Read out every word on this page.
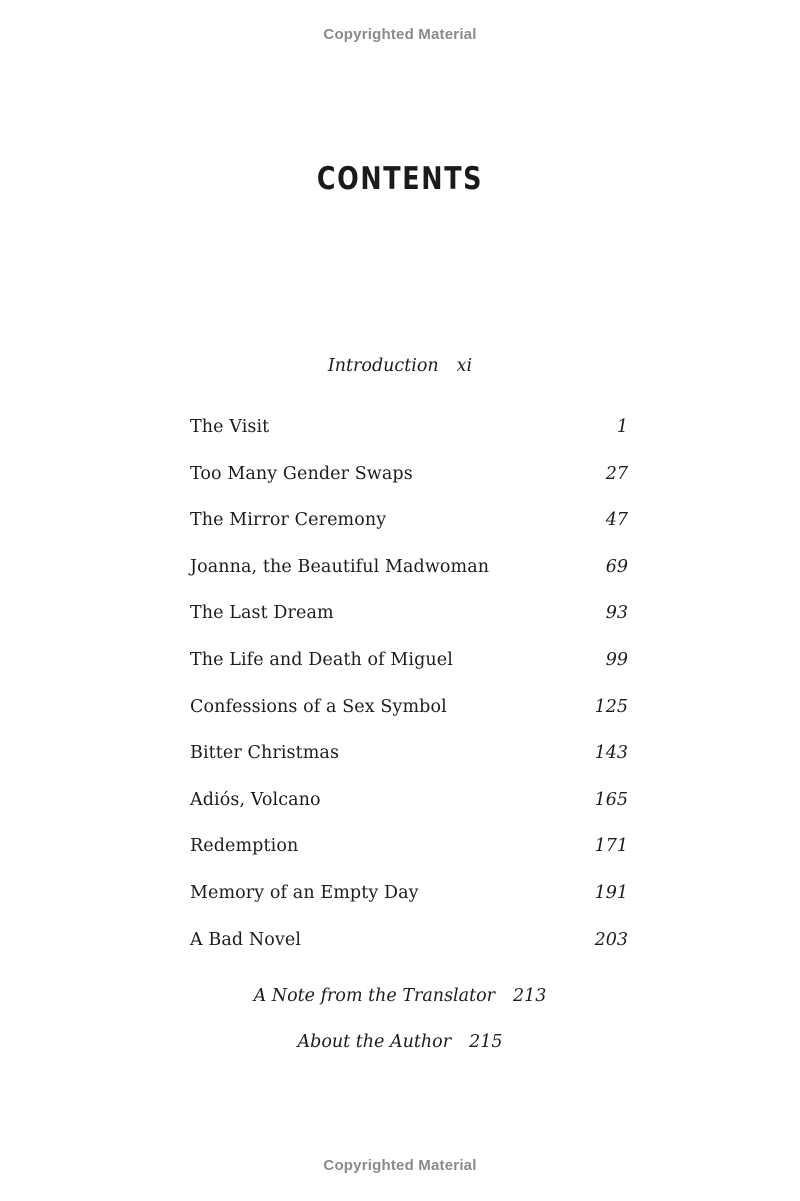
Copyrighted Material
CONTENTS
Introduction xi
The Visit	1
Too Many Gender Swaps	27
The Mirror Ceremony	47
Joanna, the Beautiful Madwoman	69
The Last Dream	93
The Life and Death of Miguel	99
Confessions of a Sex Symbol	125
Bitter Christmas	143
Adiós, Volcano	165
Redemption	171
Memory of an Empty Day	191
A Bad Novel	203
A Note from the Translator 213
About the Author 215
Copyrighted Material
